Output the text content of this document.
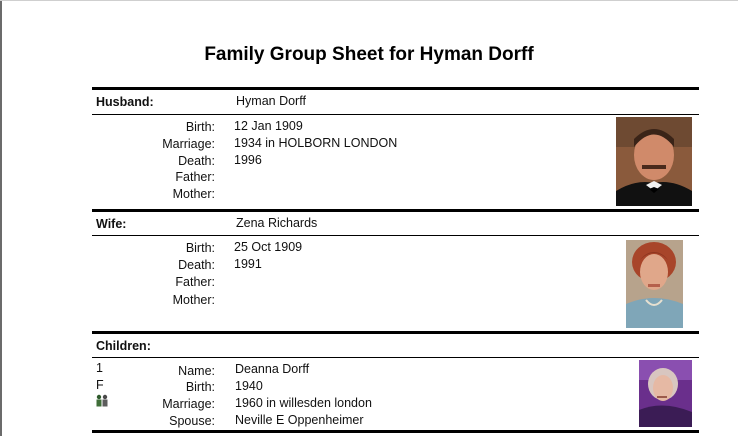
Family Group Sheet for Hyman Dorff
Husband:	Hyman Dorff
Birth: 12 Jan 1909
Marriage: 1934 in HOLBORN LONDON
Death: 1996
Father:
Mother:
Wife:	Zena Richards
Birth: 25 Oct 1909
Death: 1991
Father:
Mother:
Children:
1
F
Name: Deanna Dorff
Birth: 1940
Marriage: 1960 in willesden london
Spouse: Neville E Oppenheimer
